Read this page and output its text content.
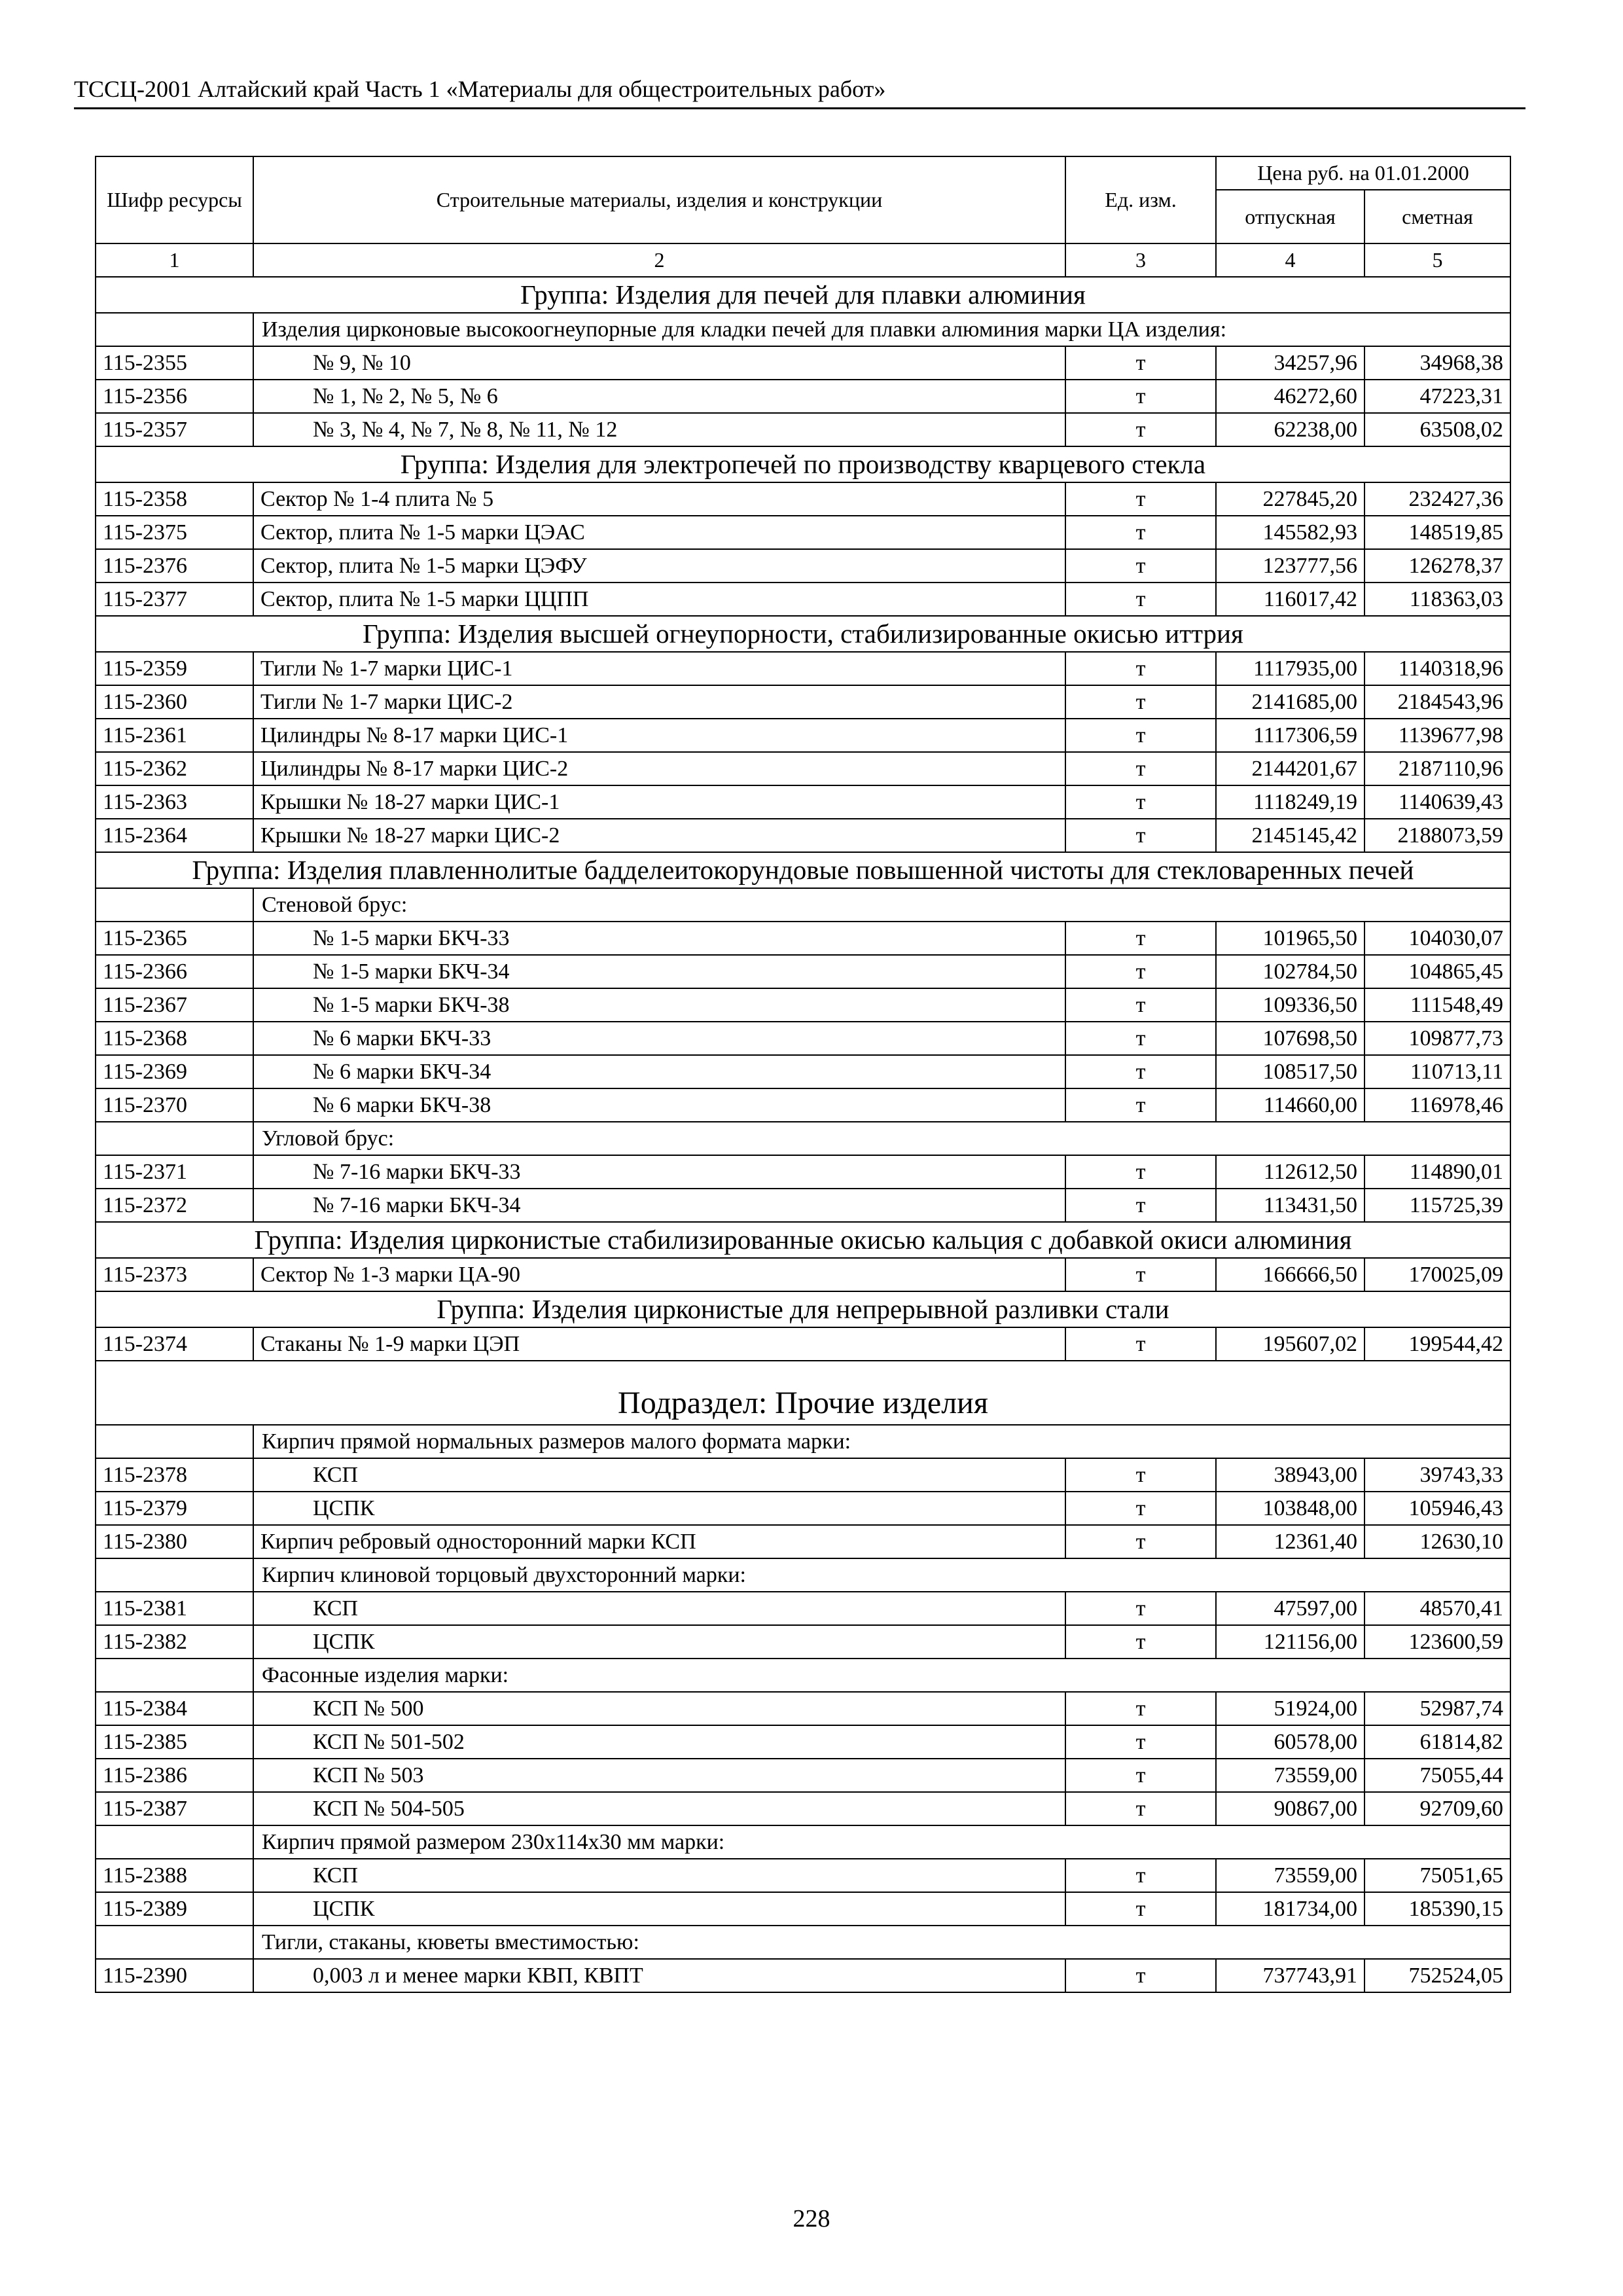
ТССЦ-2001 Алтайский край Часть 1 «Материалы для общестроительных работ»
Шифр ресурсы	Строительные материалы, изделия и конструкции	Ед. изм.	Цена руб. на 01.01.2000	
			отпускная	сметная
1	2	3	4	5
Группа: Изделия для печей для плавки алюминия				
	Изделия цирконовые высокоогнеупорные для кладки печей для плавки алюминия марки ЦА изделия:			
115-2355	№ 9, № 10	т	34257,96	34968,38
115-2356	№ 1, № 2, № 5, № 6	т	46272,60	47223,31
115-2357	№ 3, № 4, № 7, № 8, № 11, № 12	т	62238,00	63508,02
Группа: Изделия для электропечей по производству кварцевого стекла				
115-2358	Сектор № 1-4 плита № 5	т	227845,20	232427,36
115-2375	Сектор, плита № 1-5 марки ЦЭАС	т	145582,93	148519,85
115-2376	Сектор, плита № 1-5 марки ЦЭФУ	т	123777,56	126278,37
115-2377	Сектор, плита № 1-5 марки ЦЦПП	т	116017,42	118363,03
Группа: Изделия высшей огнеупорности, стабилизированные окисью иттрия				
115-2359	Тигли № 1-7 марки ЦИС-1	т	1117935,00	1140318,96
115-2360	Тигли № 1-7 марки ЦИС-2	т	2141685,00	2184543,96
115-2361	Цилиндры № 8-17 марки ЦИС-1	т	1117306,59	1139677,98
115-2362	Цилиндры № 8-17 марки ЦИС-2	т	2144201,67	2187110,96
115-2363	Крышки № 18-27 марки ЦИС-1	т	1118249,19	1140639,43
115-2364	Крышки № 18-27 марки ЦИС-2	т	2145145,42	2188073,59
Группа: Изделия плавленнолитые бадделеитокорундовые повышенной чистоты для стекловаренных печей				
	Стеновой брус:			
115-2365	№ 1-5 марки БКЧ-33	т	101965,50	104030,07
115-2366	№ 1-5 марки БКЧ-34	т	102784,50	104865,45
115-2367	№ 1-5 марки БКЧ-38	т	109336,50	111548,49
115-2368	№ 6 марки БКЧ-33	т	107698,50	109877,73
115-2369	№ 6 марки БКЧ-34	т	108517,50	110713,11
115-2370	№ 6 марки БКЧ-38	т	114660,00	116978,46
	Угловой брус:			
115-2371	№ 7-16 марки БКЧ-33	т	112612,50	114890,01
115-2372	№ 7-16 марки БКЧ-34	т	113431,50	115725,39
Группа: Изделия цирконистые стабилизированные окисью кальция с добавкой окиси алюминия				
115-2373	Сектор № 1-3 марки ЦА-90	т	166666,50	170025,09
Группа: Изделия цирконистые для непрерывной разливки стали				
115-2374	Стаканы № 1-9 марки ЦЭП	т	195607,02	199544,42
Подраздел: Прочие изделия				
	Кирпич прямой нормальных размеров малого формата марки:			
115-2378	КСП	т	38943,00	39743,33
115-2379	ЦСПК	т	103848,00	105946,43
115-2380	Кирпич ребровый односторонний марки КСП	т	12361,40	12630,10
	Кирпич клиновой торцовый двухсторонний марки:			
115-2381	КСП	т	47597,00	48570,41
115-2382	ЦСПК	т	121156,00	123600,59
	Фасонные изделия марки:			
115-2384	КСП № 500	т	51924,00	52987,74
115-2385	КСП № 501-502	т	60578,00	61814,82
115-2386	КСП № 503	т	73559,00	75055,44
115-2387	КСП № 504-505	т	90867,00	92709,60
	Кирпич прямой размером 230x114x30 мм марки:			
115-2388	КСП	т	73559,00	75051,65
115-2389	ЦСПК	т	181734,00	185390,15
	Тигли, стаканы, кюветы вместимостью:			
115-2390	0,003 л и менее марки КВП, КВПТ	т	737743,91	752524,05
228
